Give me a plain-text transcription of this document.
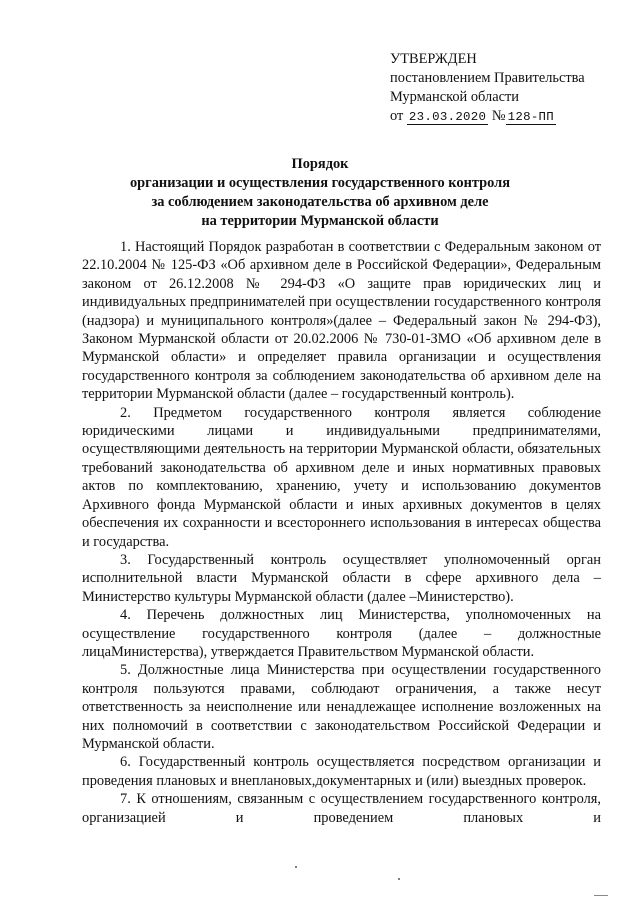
УТВЕРЖДЕН
постановлением Правительства
Мурманской области
от 23.03.2020 № 128-ПП
Порядок
организации и осуществления государственного контроля
за соблюдением законодательства об архивном деле
на территории Мурманской области

1. Настоящий Порядок разработан в соответствии с Федеральным законом от 22.10.2004 № 125-ФЗ «Об архивном деле в Российской Федерации», Федеральным законом от 26.12.2008 № 294-ФЗ «О защите прав юридических лиц и индивидуальных предпринимателей при осуществлении государственного контроля (надзора) и муниципального контроля»(далее – Федеральный закон № 294-ФЗ), Законом Мурманской области от 20.02.2006 № 730-01-ЗМО «Об архивном деле в Мурманской области» и определяет правила организации и осуществления государственного контроля за соблюдением законодательства об архивном деле на территории Мурманской области (далее – государственный контроль).

2. Предметом государственного контроля является соблюдение юридическими лицами и индивидуальными предпринимателями, осуществляющими деятельность на территории Мурманской области, обязательных требований законодательства об архивном деле и иных нормативных правовых актов по комплектованию, хранению, учету и использованию документов Архивного фонда Мурманской области и иных архивных документов в целях обеспечения их сохранности и всестороннего использования в интересах общества и государства.

3. Государственный контроль осуществляет уполномоченный орган исполнительной власти Мурманской области в сфере архивного дела – Министерство культуры Мурманской области (далее –Министерство).

4. Перечень должностных лиц Министерства, уполномоченных на осуществление государственного контроля (далее – должностные лицаМинистерства), утверждается Правительством Мурманской области.

5. Должностные лица Министерства при осуществлении государственного контроля пользуются правами, соблюдают ограничения, а также несут ответственность за неисполнение или ненадлежащее исполнение возложенных на них полномочий в соответствии с законодательством Российской Федерации и Мурманской области.

6. Государственный контроль осуществляется посредством организации и проведения плановых и внеплановых,документарных и (или) выездных проверок.

7. К отношениям, связанным с осуществлением государственного контроля, организацией и проведением плановых и
